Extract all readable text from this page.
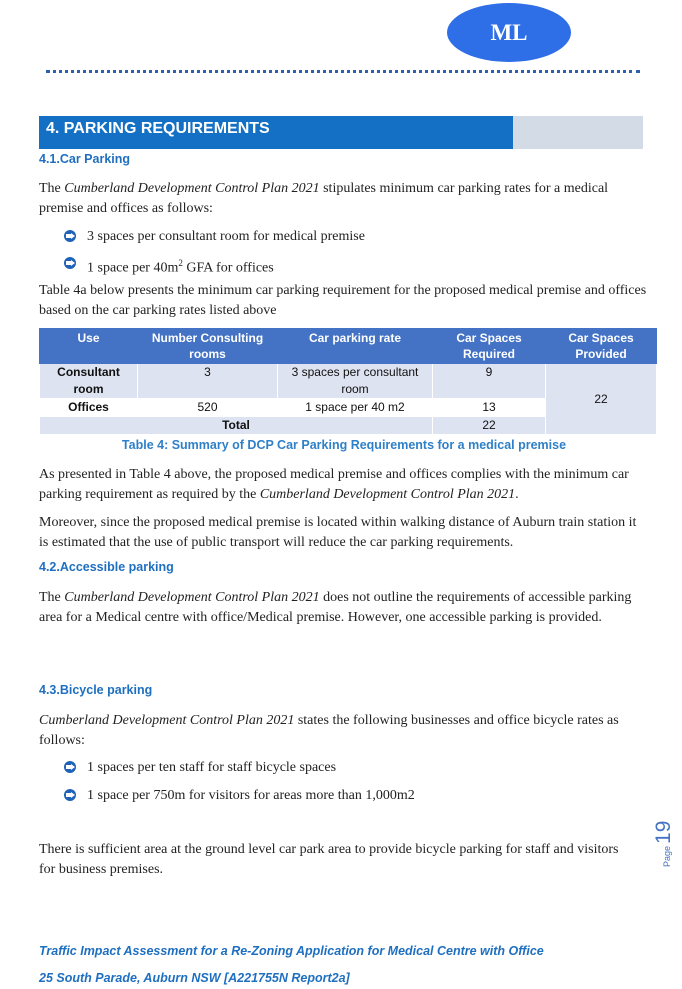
ML
4. PARKING REQUIREMENTS
4.1.Car Parking
The Cumberland Development Control Plan 2021 stipulates minimum car parking rates for a medical premise and offices as follows:
3 spaces per consultant room for medical premise
1 space per $40m^2$ GFA for offices
Table 4a below presents the minimum car parking requirement for the proposed medical premise and offices based on the car parking rates listed above
Use	Number Consulting rooms	Car parking rate	Car Spaces Required	Car Spaces Provided
Consultant room	3	3 spaces per consultant room	9	22
Offices	520	1 space per 40 m2	13	
Total			22	
Table 4: Summary of DCP Car Parking Requirements for a medical premise
As presented in Table 4 above, the proposed medical premise and offices complies with the minimum car parking requirement as required by the Cumberland Development Control Plan 2021.
Moreover, since the proposed medical premise is located within walking distance of Auburn train station it is estimated that the use of public transport will reduce the car parking requirements.
4.2.Accessible parking
The Cumberland Development Control Plan 2021 does not outline the requirements of accessible parking area for a Medical centre with office/Medical premise. However, one accessible parking is provided.
4.3.Bicycle parking
Cumberland Development Control Plan 2021 states the following businesses and office bicycle rates as follows:
1 spaces per ten staff for staff bicycle spaces
1 space per 750m for visitors for areas more than 1,000m2
There is sufficient area at the ground level car park area to provide bicycle parking for staff and visitors for business premises.
Page
19
Traffic Impact Assessment for a Re-Zoning Application for Medical Centre with Office
25 South Parade, Auburn NSW [A221755N Report2a]
